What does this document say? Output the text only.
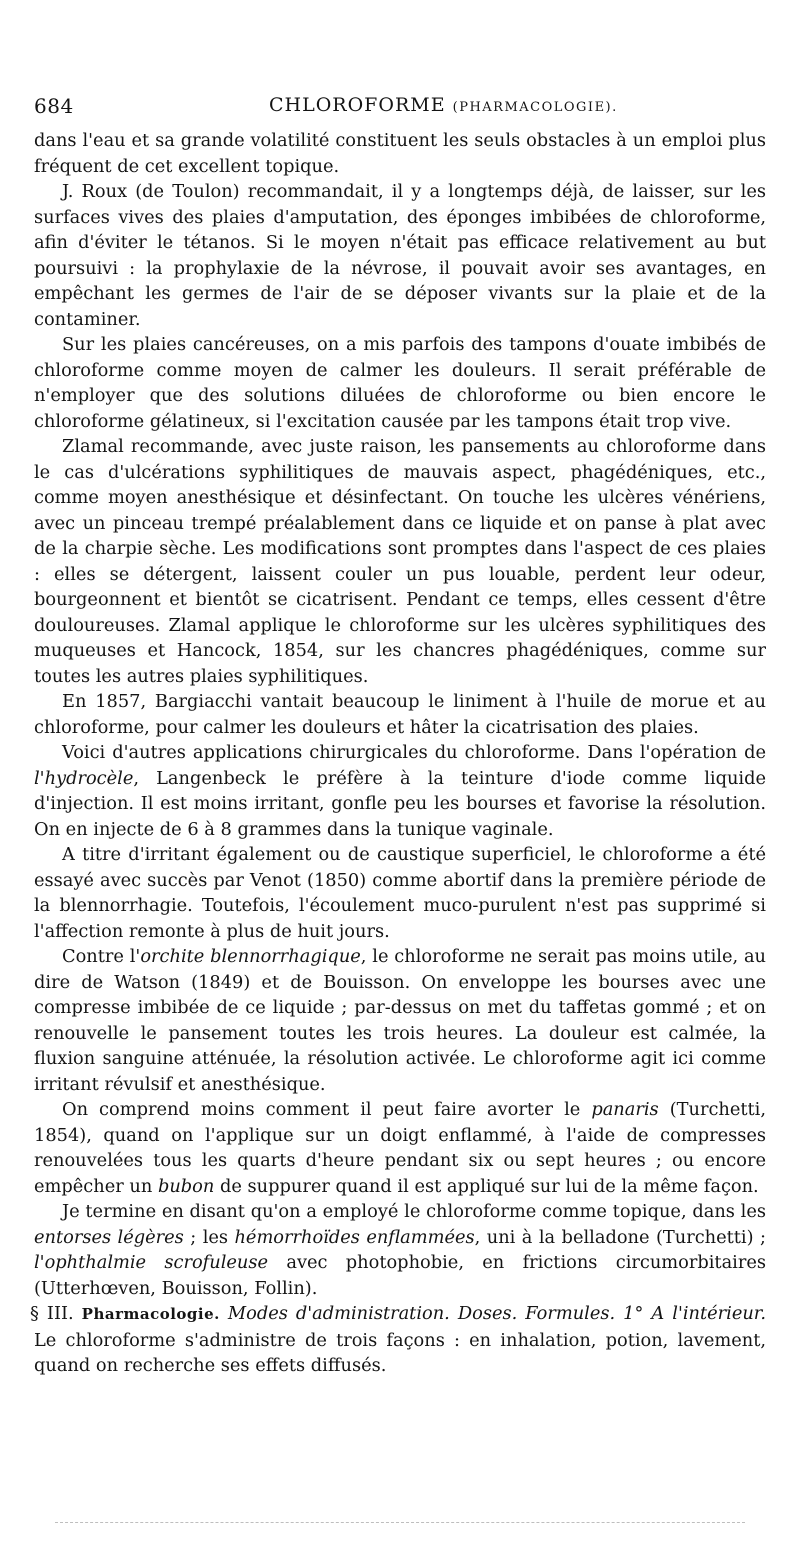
684	CHLOROFORME (PHARMACOLOGIE).

dans l'eau et sa grande volatilité constituent les seuls obstacles à un emploi plus fréquent de cet excellent topique.

J. Roux (de Toulon) recommandait, il y a longtemps déjà, de laisser, sur les surfaces vives des plaies d'amputation, des éponges imbibées de chloroforme, afin d'éviter le tétanos. Si le moyen n'était pas efficace relativement au but poursuivi : la prophylaxie de la névrose, il pouvait avoir ses avantages, en empêchant les germes de l'air de se déposer vivants sur la plaie et de la contaminer.

Sur les plaies cancéreuses, on a mis parfois des tampons d'ouate imbibés de chloroforme comme moyen de calmer les douleurs. Il serait préférable de n'employer que des solutions diluées de chloroforme ou bien encore le chloroforme gélatineux, si l'excitation causée par les tampons était trop vive.

Zlamal recommande, avec juste raison, les pansements au chloroforme dans le cas d'ulcérations syphilitiques de mauvais aspect, phagédéniques, etc., comme moyen anesthésique et désinfectant. On touche les ulcères vénériens, avec un pinceau trempé préalablement dans ce liquide et on panse à plat avec de la charpie sèche. Les modifications sont promptes dans l'aspect de ces plaies : elles se détergent, laissent couler un pus louable, perdent leur odeur, bourgeonnent et bientôt se cicatrisent. Pendant ce temps, elles cessent d'être douloureuses. Zlamal applique le chloroforme sur les ulcères syphilitiques des muqueuses et Hancock, 1854, sur les chancres phagédéniques, comme sur toutes les autres plaies syphilitiques.

En 1857, Bargiacchi vantait beaucoup le liniment à l'huile de morue et au chloroforme, pour calmer les douleurs et hâter la cicatrisation des plaies.

Voici d'autres applications chirurgicales du chloroforme. Dans l'opération de l'hydrocèle, Langenbeck le préfère à la teinture d'iode comme liquide d'injection. Il est moins irritant, gonfle peu les bourses et favorise la résolution. On en injecte de 6 à 8 grammes dans la tunique vaginale.

A titre d'irritant également ou de caustique superficiel, le chloroforme a été essayé avec succès par Venot (1850) comme abortif dans la première période de la blennorrhagie. Toutefois, l'écoulement muco-purulent n'est pas supprimé si l'affection remonte à plus de huit jours.

Contre l'orchite blennorrhagique, le chloroforme ne serait pas moins utile, au dire de Watson (1849) et de Bouisson. On enveloppe les bourses avec une compresse imbibée de ce liquide ; par-dessus on met du taffetas gommé ; et on renouvelle le pansement toutes les trois heures. La douleur est calmée, la fluxion sanguine atténuée, la résolution activée. Le chloroforme agit ici comme irritant révulsif et anesthésique.

On comprend moins comment il peut faire avorter le panaris (Turchetti, 1854), quand on l'applique sur un doigt enflammé, à l'aide de compresses renouvelées tous les quarts d'heure pendant six ou sept heures ; ou encore empêcher un bubon de suppurer quand il est appliqué sur lui de la même façon.

Je termine en disant qu'on a employé le chloroforme comme topique, dans les entorses légères ; les hémorrhoïdes enflammées, uni à la belladone (Turchetti) ; l'ophthalmie scrofuleuse avec photophobie, en frictions circumorbitaires (Utterhœven, Bouisson, Follin).

§ III. Pharmacologie. Modes d'administration. Doses. Formules. 1° A l'intérieur. Le chloroforme s'administre de trois façons : en inhalation, potion, lavement, quand on recherche ses effets diffusés.
